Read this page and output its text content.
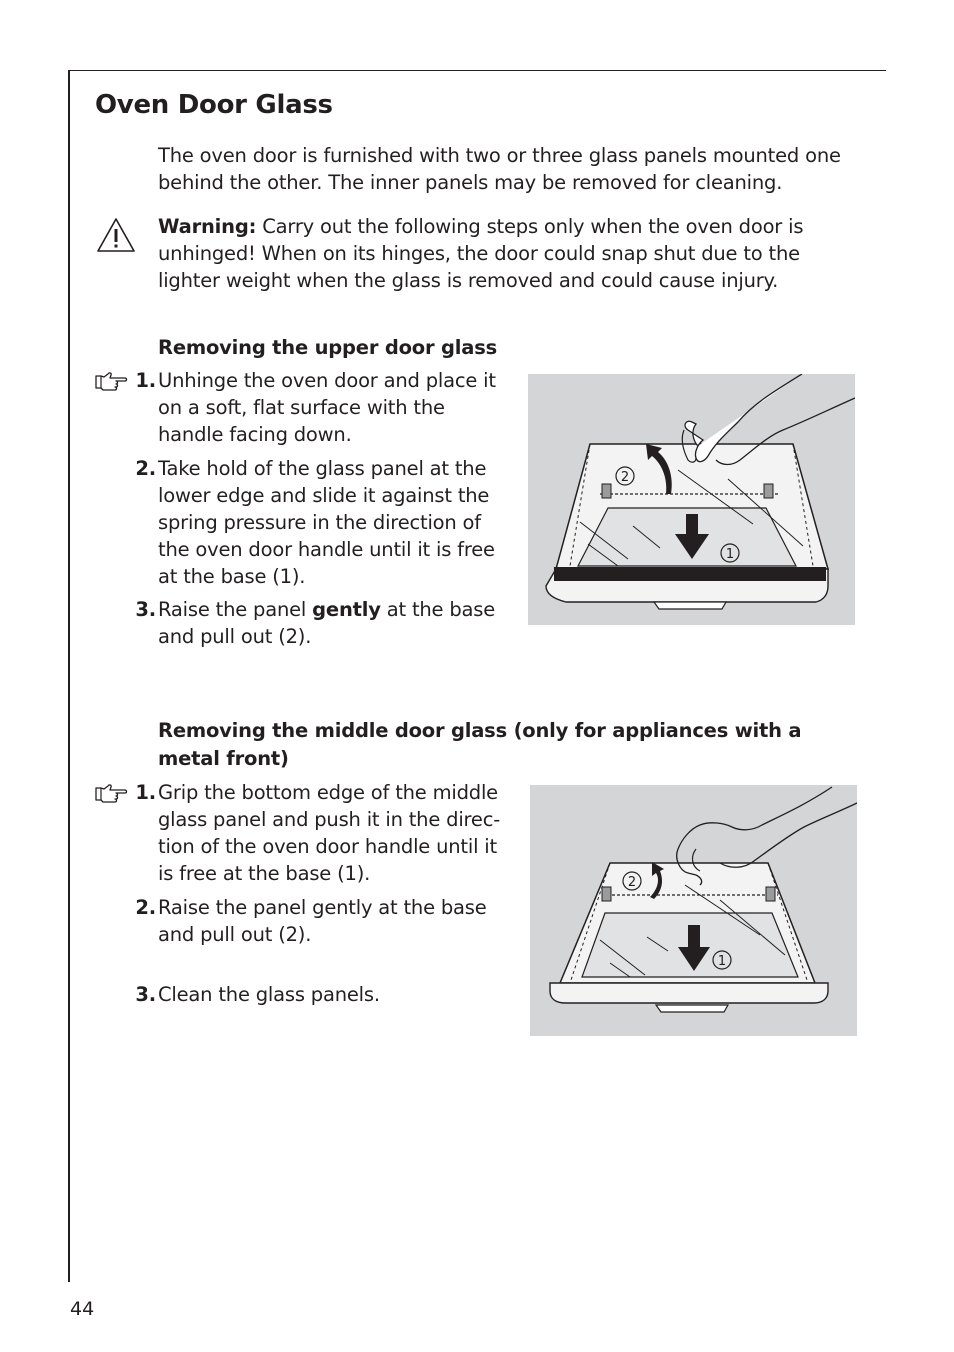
Oven Door Glass

The oven door is furnished with two or three glass panels mounted one behind the other. The inner panels may be removed for cleaning.

Warning: Carry out the following steps only when the oven door is unhinged! When on its hinges, the door could snap shut due to the lighter weight when the glass is removed and could cause injury.

Removing the upper door glass
1. Unhinge the oven door and place it on a soft, flat surface with the handle facing down.
2. Take hold of the glass panel at the lower edge and slide it against the spring pressure in the direction of the oven door handle until it is free at the base (1).
3. Raise the panel gently at the base and pull out (2).
2
1
Removing the middle door glass (only for appliances with a metal front)
1. Grip the bottom edge of the middle glass panel and push it in the direc- tion of the oven door handle until it is free at the base (1).
2. Raise the panel gently at the base and pull out (2).
3. Clean the glass panels.
2
1
44
